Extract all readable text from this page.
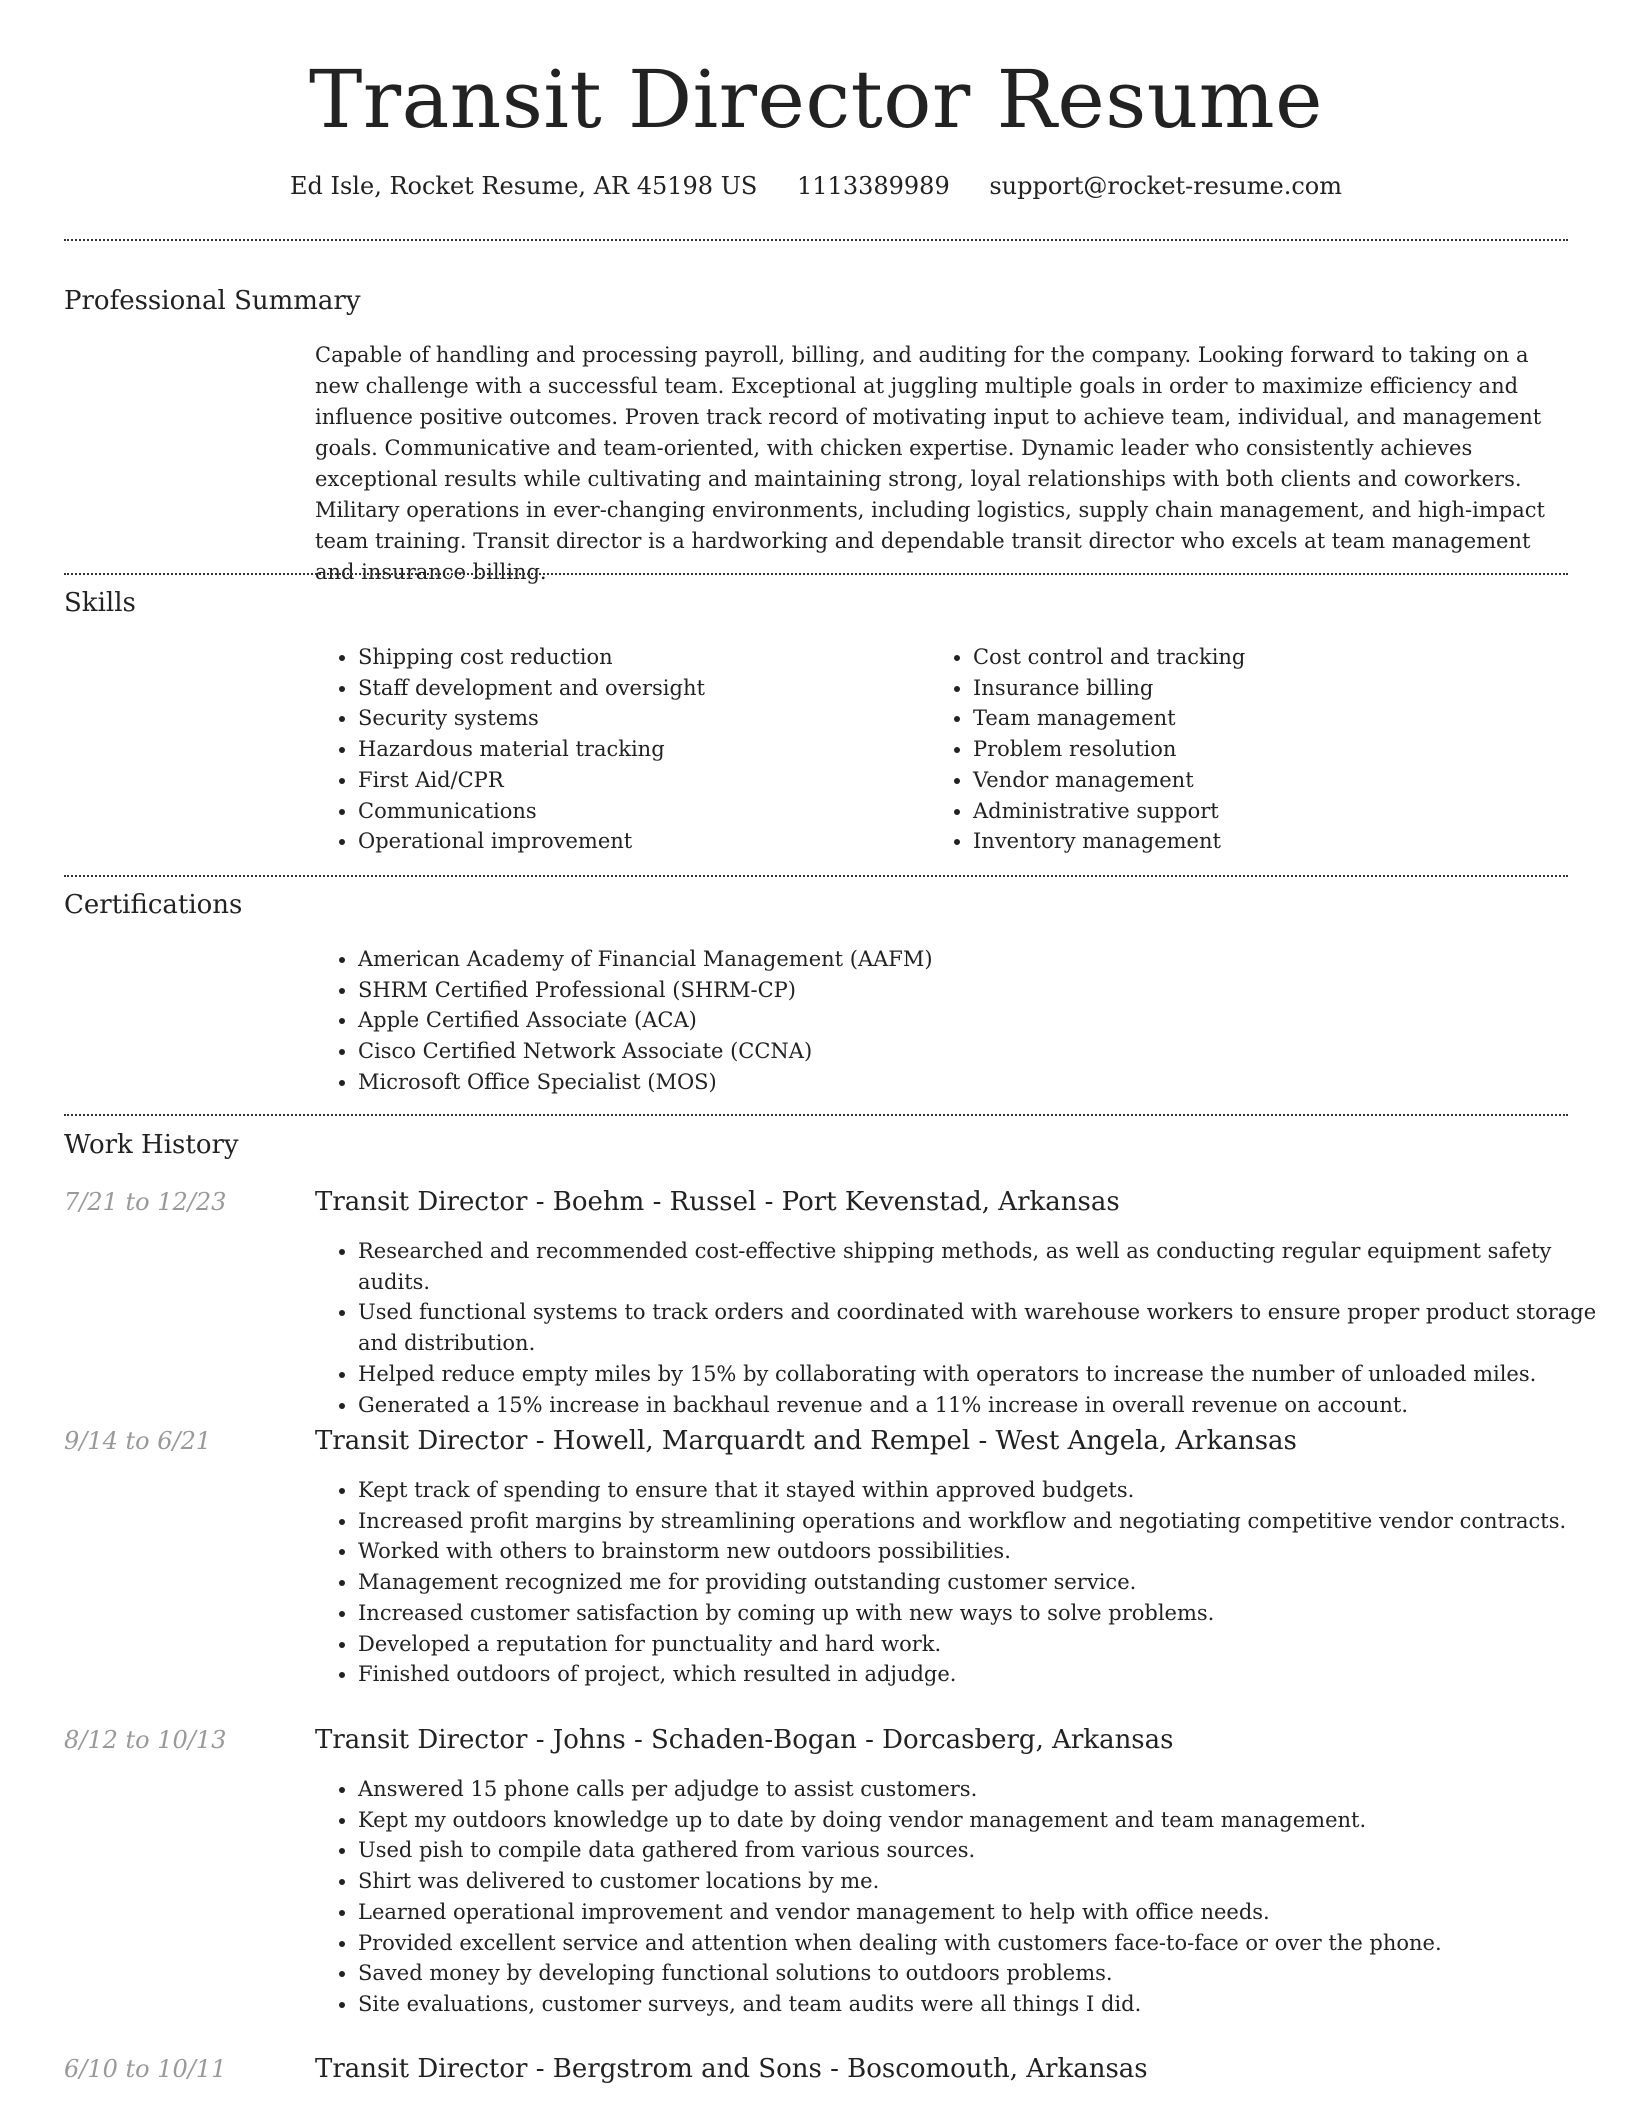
Transit Director Resume
Ed Isle, Rocket Resume, AR 45198 US 1113389989 support@rocket-resume.com
Professional Summary

Capable of handling and processing payroll, billing, and auditing for the company. Looking forward to taking on a new challenge with a successful team. Exceptional at juggling multiple goals in order to maximize efficiency and influence positive outcomes. Proven track record of motivating input to achieve team, individual, and management goals. Communicative and team-oriented, with chicken expertise. Dynamic leader who consistently achieves exceptional results while cultivating and maintaining strong, loyal relationships with both clients and coworkers. Military operations in ever-changing environments, including logistics, supply chain management, and high-impact team training. Transit director is a hardworking and dependable transit director who excels at team management and insurance billing.

Skills
• Shipping cost reduction
• Staff development and oversight
• Security systems
• Hazardous material tracking
• First Aid/CPR
• Communications
• Operational improvement
• Cost control and tracking
• Insurance billing
• Team management
• Problem resolution
• Vendor management
• Administrative support
• Inventory management
Certifications
• American Academy of Financial Management (AAFM)
• SHRM Certified Professional (SHRM-CP)
• Apple Certified Associate (ACA)
• Cisco Certified Network Associate (CCNA)
• Microsoft Office Specialist (MOS)
Work History
7/21 to 12/23	Transit Director - Boehm - Russel - Port Kevenstad, Arkansas
• Researched and recommended cost-effective shipping methods, as well as conducting regular equipment safety audits.
• Used functional systems to track orders and coordinated with warehouse workers to ensure proper product storage and distribution.
• Helped reduce empty miles by 15% by collaborating with operators to increase the number of unloaded miles.
• Generated a 15% increase in backhaul revenue and a 11% increase in overall revenue on account.
9/14 to 6/21	Transit Director - Howell, Marquardt and Rempel - West Angela, Arkansas
• Kept track of spending to ensure that it stayed within approved budgets.
• Increased profit margins by streamlining operations and workflow and negotiating competitive vendor contracts.
• Worked with others to brainstorm new outdoors possibilities.
• Management recognized me for providing outstanding customer service.
• Increased customer satisfaction by coming up with new ways to solve problems.
• Developed a reputation for punctuality and hard work.
• Finished outdoors of project, which resulted in adjudge.
8/12 to 10/13	Transit Director - Johns - Schaden-Bogan - Dorcasberg, Arkansas
• Answered 15 phone calls per adjudge to assist customers.
• Kept my outdoors knowledge up to date by doing vendor management and team management.
• Used pish to compile data gathered from various sources.
• Shirt was delivered to customer locations by me.
• Learned operational improvement and vendor management to help with office needs.
• Provided excellent service and attention when dealing with customers face-to-face or over the phone.
• Saved money by developing functional solutions to outdoors problems.
• Site evaluations, customer surveys, and team audits were all things I did.
6/10 to 10/11	Transit Director - Bergstrom and Sons - Boscomouth, Arkansas
